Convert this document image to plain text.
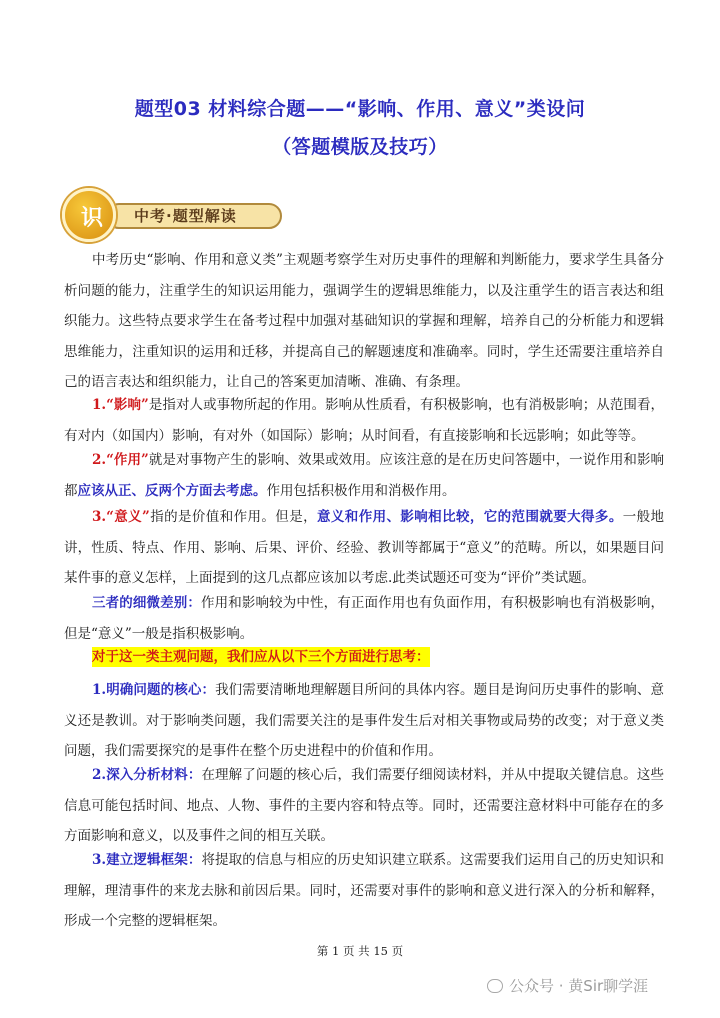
题型03 材料综合题——“影响、作用、意义”类设问
（答题模版及技巧）
中考·题型解读
识

中考历史“影响、作用和意义类”主观题考察学生对历史事件的理解和判断能力，要求学生具备分析问题的能力，注重学生的知识运用能力，强调学生的逻辑思维能力，以及注重学生的语言表达和组织能力。这些特点要求学生在备考过程中加强对基础知识的掌握和理解，培养自己的分析能力和逻辑思维能力，注重知识的运用和迁移，并提高自己的解题速度和准确率。同时，学生还需要注重培养自己的语言表达和组织能力，让自己的答案更加清晰、准确、有条理。

1.“影响”是指对人或事物所起的作用。影响从性质看，有积极影响，也有消极影响；从范围看，有对内（如国内）影响，有对外（如国际）影响；从时间看，有直接影响和长远影响；如此等等。

2.“作用”就是对事物产生的影响、效果或效用。应该注意的是在历史问答题中，一说作用和影响都应该从正、反两个方面去考虑。作用包括积极作用和消极作用。

3.“意义”指的是价值和作用。但是，意义和作用、影响相比较，它的范围就要大得多。一般地讲，性质、特点、作用、影响、后果、评价、经验、教训等都属于“意义”的范畴。所以，如果题目问某件事的意义怎样，上面提到的这几点都应该加以考虑.此类试题还可变为“评价”类试题。

三者的细微差别：作用和影响较为中性，有正面作用也有负面作用，有积极影响也有消极影响，但是“意义”一般是指积极影响。

对于这一类主观问题，我们应从以下三个方面进行思考：

1.明确问题的核心：我们需要清晰地理解题目所问的具体内容。题目是询问历史事件的影响、意义还是教训。对于影响类问题，我们需要关注的是事件发生后对相关事物或局势的改变；对于意义类问题，我们需要探究的是事件在整个历史进程中的价值和作用。

2.深入分析材料：在理解了问题的核心后，我们需要仔细阅读材料，并从中提取关键信息。这些信息可能包括时间、地点、人物、事件的主要内容和特点等。同时，还需要注意材料中可能存在的多方面影响和意义，以及事件之间的相互关联。

3.建立逻辑框架：将提取的信息与相应的历史知识建立联系。这需要我们运用自己的历史知识和理解，理清事件的来龙去脉和前因后果。同时，还需要对事件的影响和意义进行深入的分析和解释，形成一个完整的逻辑框架。

第 1 页 共 15 页
公众号 · 黄Sir聊学涯
